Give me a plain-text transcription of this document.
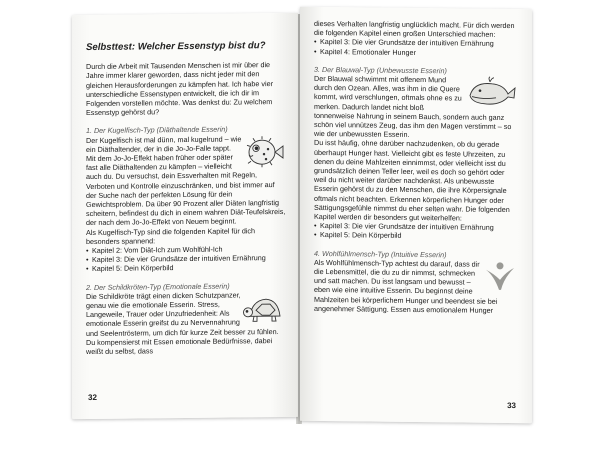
Selbsttest: Welcher Essenstyp bist du?

Durch die Arbeit mit Tausenden Menschen ist mir über die Jahre immer klarer geworden, dass nicht jeder mit den gleichen Herausforderungen zu kämpfen hat. Ich habe vier unterschiedliche Essenstypen entwickelt, die ich dir im Folgenden vorstellen möchte. Was denkst du: Zu welchem Essenstyp gehörst du?

1. Der Kugelfisch-Typ (Diäthaltende Esserin)

Der Kugelfisch ist mal dünn, mal kugelrund – wie ein Diäthaltender, der in die Jo-Jo-Falle tappt. Mit dem Jo-Jo-Effekt haben früher oder später fast alle Diäthaltenden zu kämpfen – vielleicht auch du. Du versuchst, dein Essverhalten mit Regeln, Verboten und Kontrolle einzuschränken, und bist immer auf der Suche nach der perfekten Lösung für dein Gewichtsproblem. Da über 90 Prozent aller Diäten langfristig scheitern, befindest du dich in einem wahren Diät-Teufelskreis, der nach dem Jo-Jo-Effekt von Neuem beginnt.

Als Kugelfisch-Typ sind die folgenden Kapitel für dich besonders spannend:

• Kapitel 2: Vom Diät-Ich zum Wohlfühl-Ich
• Kapitel 3: Die vier Grundsätze der intuitiven Ernährung
• Kapitel 5: Dein Körperbild

2. Der Schildkröten-Typ (Emotionale Esserin)

Die Schildkröte trägt einen dicken Schutzpanzer, genau wie die emotionale Esserin. Stress, Langeweile, Trauer oder Unzufriedenheit: Als emotionale Esserin greifst du zu Nervennahrung und Seelentrösterm, um dich für kurze Zeit besser zu fühlen. Du kompensierst mit Essen emotionale Bedürfnisse, dabei weißt du selbst, dass

32

dieses Verhalten langfristig unglücklich macht. Für dich werden die folgenden Kapitel einen großen Unterschied machen:

• Kapitel 3: Die vier Grundsätze der intuitiven Ernährung
• Kapitel 4: Emotionaler Hunger

3. Der Blauwal-Typ (Unbewusste Esserin)

Der Blauwal schwimmt mit offenem Mund durch den Ozean. Alles, was ihm in die Quere kommt, wird verschlungen, oftmals ohne es zu merken. Dadurch landet nicht bloß tonnenweise Nahrung in seinem Bauch, sondern auch ganz schön viel unnützes Zeug, das ihm den Magen verstimmt – so wie der unbewussten Esserin.

Du isst häufig, ohne darüber nachzudenken, ob du gerade überhaupt Hunger hast. Vielleicht gibt es feste Uhrzeiten, zu denen du deine Mahlzeiten einnimmst, oder vielleicht isst du grundsätzlich deinen Teller leer, weil es doch so gehört oder weil du nicht weiter darüber nachdenkst. Als unbewusste Esserin gehörst du zu den Menschen, die ihre Körpersignale oftmals nicht beachten. Erkennen körperlichen Hunger oder Sättigungsgefühle nimmst du eher selten wahr. Die folgenden Kapitel werden dir besonders gut weiterhelfen:

• Kapitel 3: Die vier Grundsätze der intuitiven Ernährung
• Kapitel 5: Dein Körperbild

4. Wohlfühlmensch-Typ (Intuitive Esserin)

Als Wohlfühlmensch-Typ achtest du darauf, dass dir die Lebensmittel, die du zu dir nimmst, schmecken und satt machen. Du isst langsam und bewusst – eben wie eine intuitive Esserin. Du beginnst deine Mahlzeiten bei körperlichem Hunger und beendest sie bei angenehmer Sättigung. Essen aus emotionalem Hunger

33
